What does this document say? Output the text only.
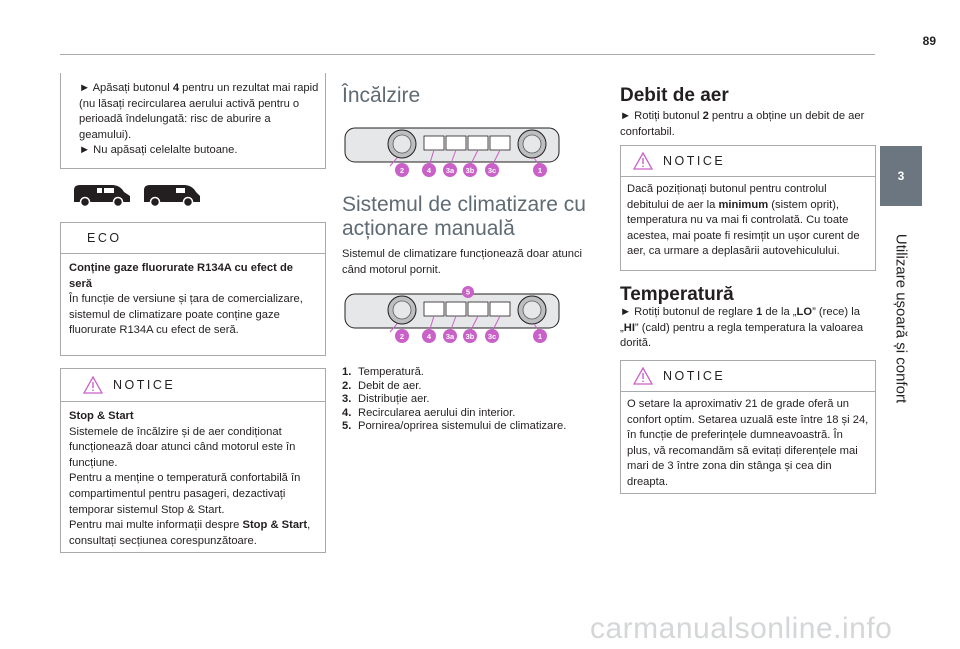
89
3
Utilizare ușoară și confort
► Apăsați butonul 4 pentru un rezultat mai rapid (nu lăsați recircularea aerului activă pentru o perioadă îndelungată: risc de aburire a geamului).
► Nu apăsați celelalte butoane.
ECO
Conține gaze fluorurate R134A cu efect de seră
În funcție de versiune și țara de comercializare, sistemul de climatizare poate conține gaze fluorurate R134A cu efect de seră.
NOTICE
Stop & Start
Sistemele de încălzire și de aer condiționat funcționează doar atunci când motorul este în funcțiune.
Pentru a menține o temperatură confortabilă în compartimentul pentru pasageri, dezactivați temporar sistemul Stop & Start.
Pentru mai multe informații despre Stop & Start, consultați secțiunea corespunzătoare.
Încălzire
2	4 3a 3b 3c	1
Sistemul de climatizare cu acționare manuală
Sistemul de climatizare funcționează doar atunci când motorul pornit.
5
2	4 3a 3b 3c	1
1. Temperatură.
2. Debit de aer.
3. Distribuție aer.
4. Recircularea aerului din interior.
5. Pornirea/oprirea sistemului de climatizare.
Debit de aer
► Rotiți butonul 2 pentru a obține un debit de aer confortabil.
NOTICE
Dacă poziționați butonul pentru controlul debitului de aer la minimum (sistem oprit), temperatura nu va mai fi controlată. Cu toate acestea, mai poate fi resimțit un ușor curent de aer, ca urmare a deplasării autovehiculului.
Temperatură
► Rotiți butonul de reglare 1 de la „LO” (rece) la „HI” (cald) pentru a regla temperatura la valoarea dorită.
NOTICE
O setare la aproximativ 21 de grade oferă un confort optim. Setarea uzuală este între 18 și 24, în funcție de preferințele dumneavoastră. În plus, vă recomandăm să evitați diferențele mai mari de 3 între zona din stânga și cea din dreapta.
carmanualsonline.info
